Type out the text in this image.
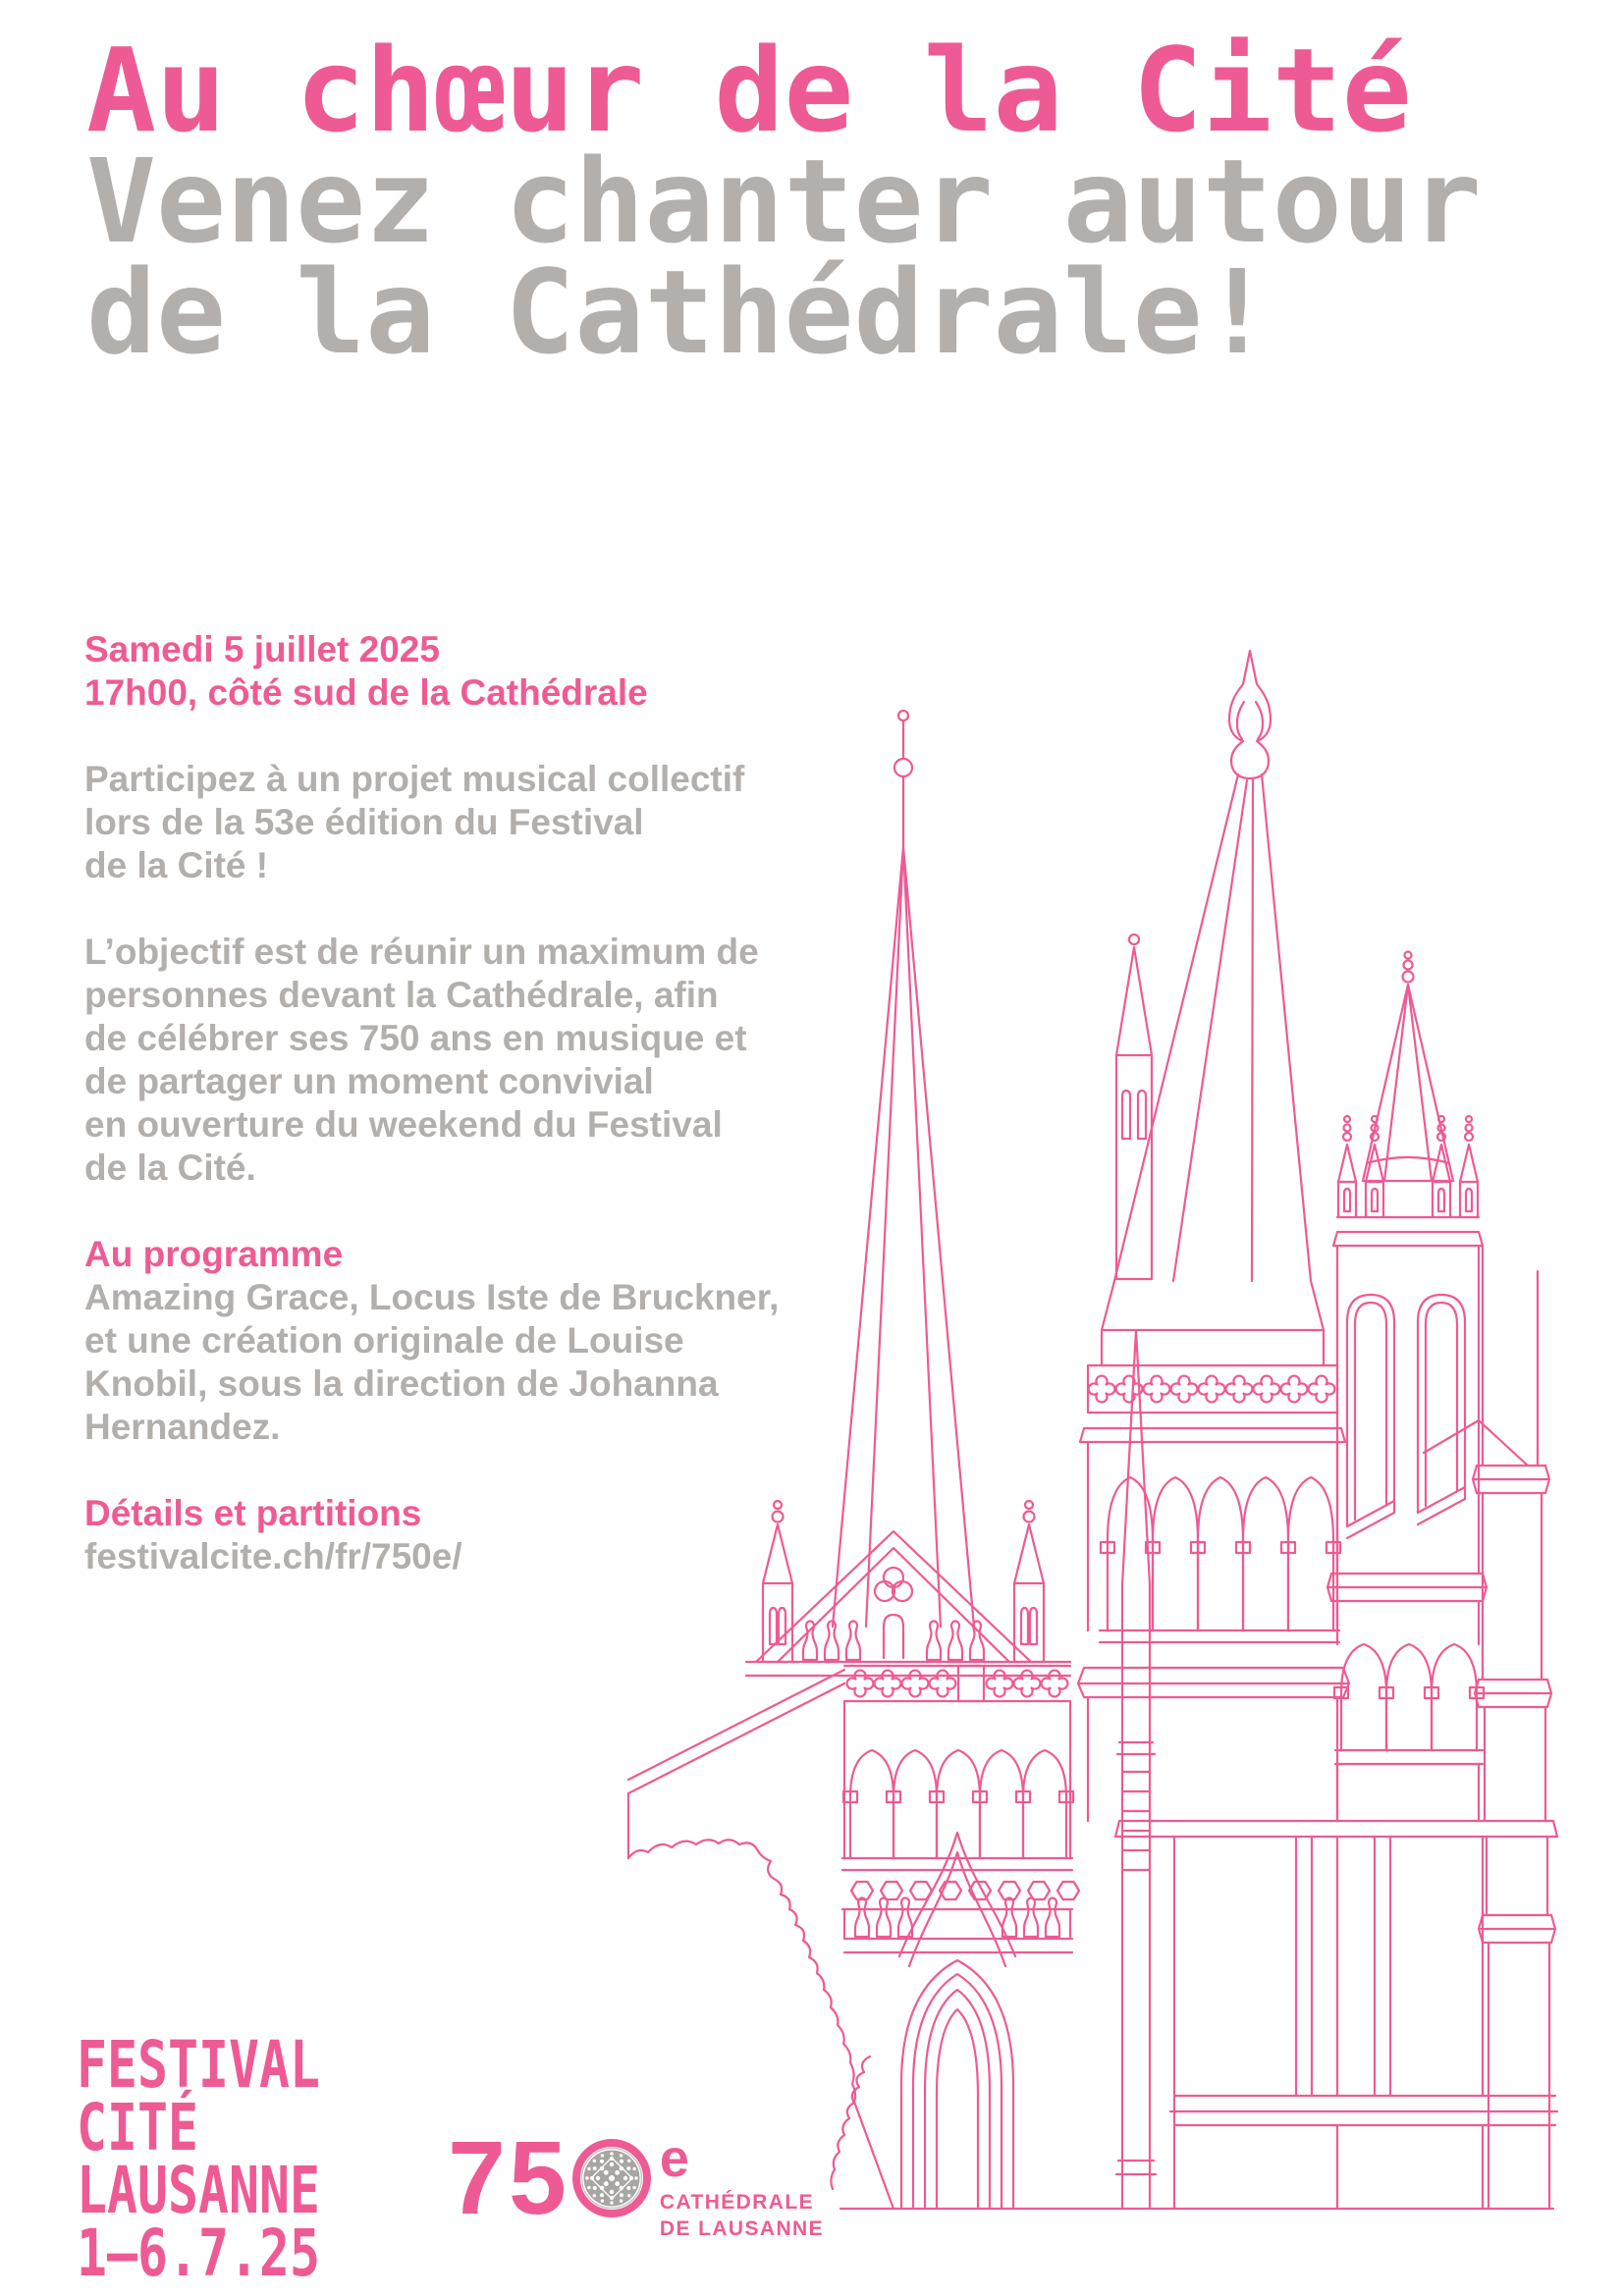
Au chœur de la Cité
Venez chanter autour
de la Cathédrale!

Samedi 5 juillet 2025
17h00, côté sud de la Cathédrale

Participez à un projet musical collectif
lors de la 53e édition du Festival
de la Cité !

L’objectif est de réunir un maximum de
personnes devant la Cathédrale, afin
de célébrer ses 750 ans en musique et
de partager un moment convivial
en ouverture du weekend du Festival
de la Cité.

Au programme
Amazing Grace, Locus Iste de Bruckner,
et une création originale de Louise
Knobil, sous la direction de Johanna
Hernandez.

Détails et partitions
festivalcite.ch/fr/750e/

FESTIVAL
CITÉ
LAUSANNE
1—6.7.25
75 e
CATHÉDRALE
DE LAUSANNE
